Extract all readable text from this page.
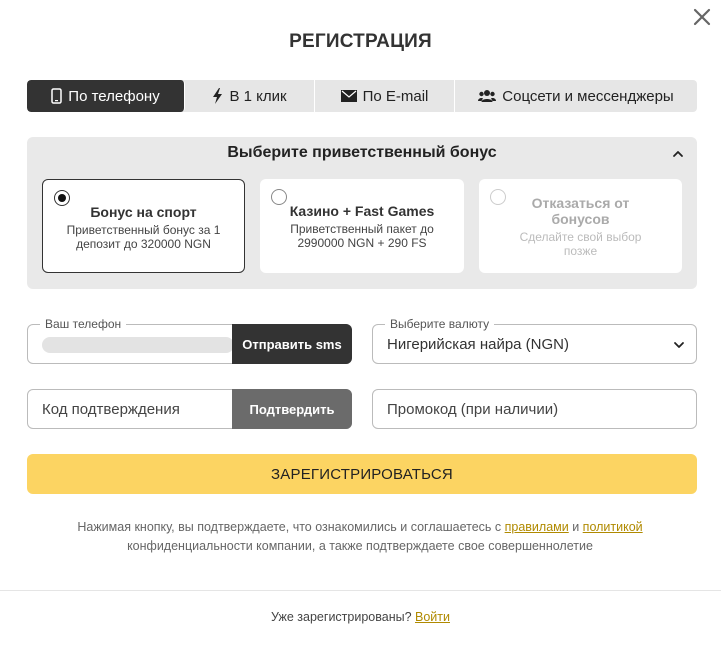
РЕГИСТРАЦИЯ
По телефону	В 1 клик	По E-mail	Соцсети и мессенджеры
Выберите приветственный бонус
Бонус на спорт
Приветственный бонус за 1 депозит до 320000 NGN
Казино + Fast Games
Приветственный пакет до 2990000 NGN + 290 FS
Отказаться от бонусов
Сделайте свой выбор позже
Ваш телефон
Отправить sms
Выберите валюту
Нигерийская найра (NGN)
Код подтверждения	Подтвердить	Промокод (при наличии)
ЗАРЕГИСТРИРОВАТЬСЯ
Нажимая кнопку, вы подтверждаете, что ознакомились и соглашаетесь с правилами и политикой конфиденциальности компании, а также подтверждаете свое совершеннолетие
Уже зарегистрированы? Войти
